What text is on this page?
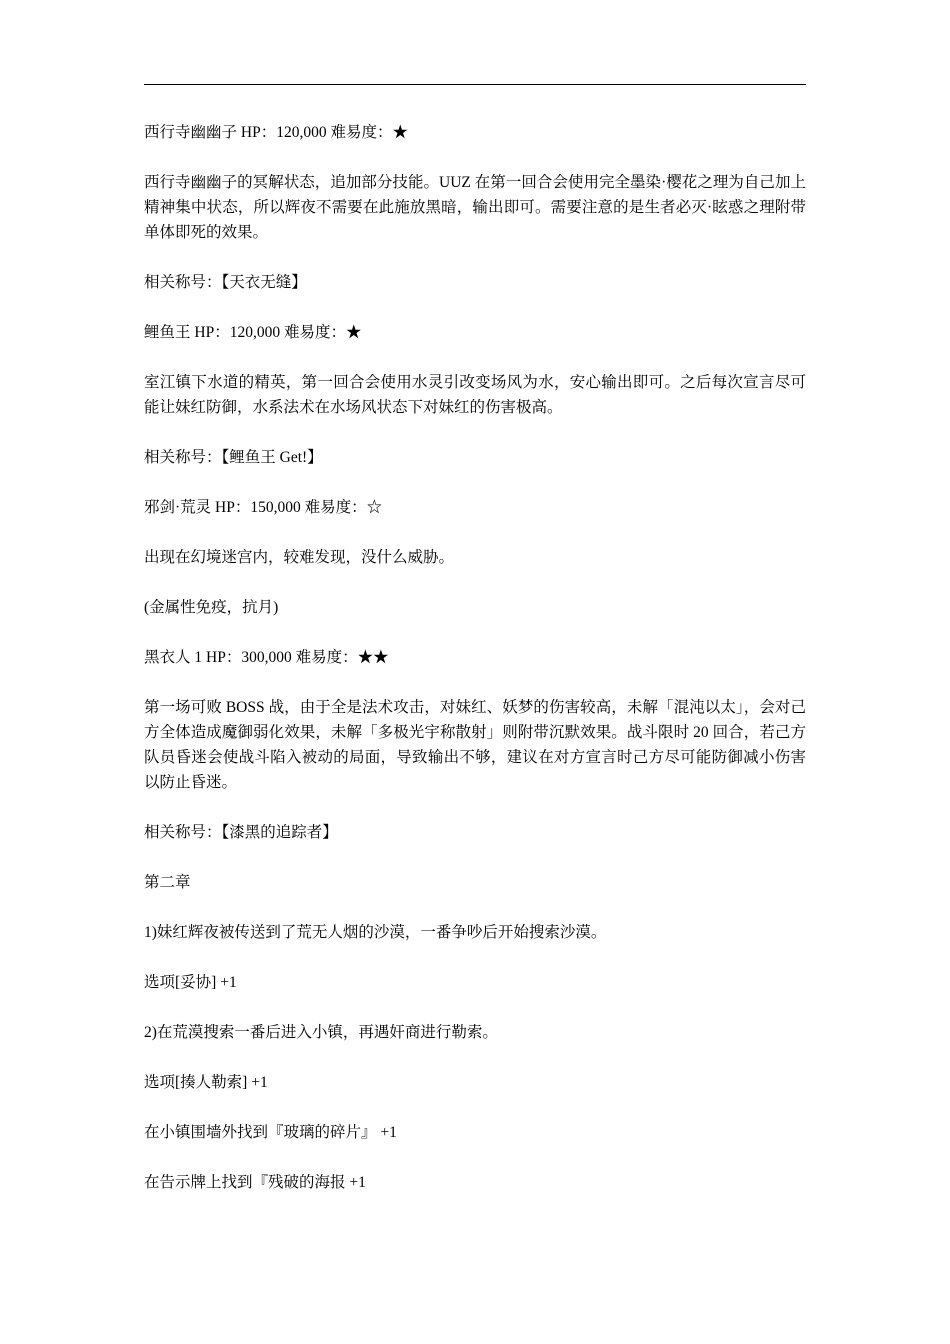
西行寺幽幽子 HP：120,000 难易度：★

西行寺幽幽子的冥解状态，追加部分技能。UUZ 在第一回合会使用完全墨染·樱花之理为自己加上精神集中状态，所以辉夜不需要在此施放黑暗，输出即可。需要注意的是生者必灭·眩惑之理附带单体即死的效果。

相关称号：【天衣无缝】

鲤鱼王 HP：120,000 难易度：★

室江镇下水道的精英，第一回合会使用水灵引改变场风为水，安心输出即可。之后每次宣言尽可能让妹红防御，水系法术在水场风状态下对妹红的伤害极高。

相关称号：【鲤鱼王 Get!】

邪剑·荒灵 HP：150,000 难易度：☆

出现在幻境迷宫内，较难发现，没什么威胁。

(金属性免疫，抗月)

黑衣人 1 HP：300,000 难易度：★★

第一场可败 BOSS 战，由于全是法术攻击，对妹红、妖梦的伤害较高，未解「混沌以太」，会对己方全体造成魔御弱化效果，未解「多极光宇称散射」则附带沉默效果。战斗限时 20 回合，若己方队员昏迷会使战斗陷入被动的局面，导致输出不够，建议在对方宣言时己方尽可能防御减小伤害以防止昏迷。

相关称号：【漆黑的追踪者】

第二章

1)妹红辉夜被传送到了荒无人烟的沙漠，一番争吵后开始搜索沙漠。

选项[妥协] +1

2)在荒漠搜索一番后进入小镇，再遇奸商进行勒索。

选项[揍人勒索] +1

在小镇围墙外找到『玻璃的碎片』 +1

在告示牌上找到『残破的海报 +1
